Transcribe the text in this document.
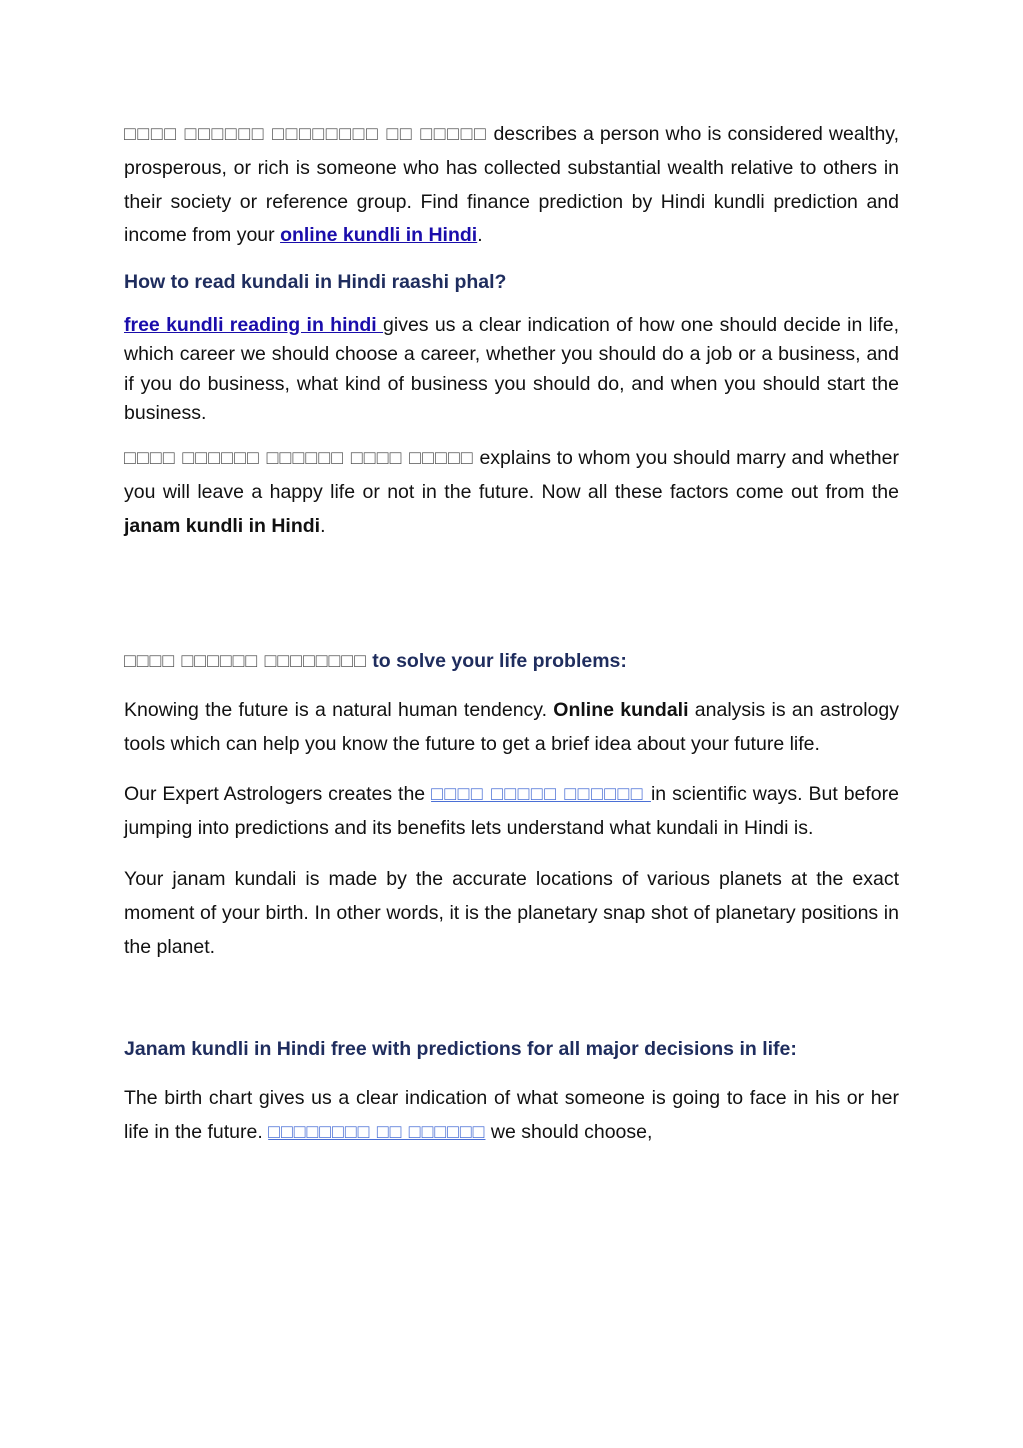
□□□□ □□□□□□ □□□□□□□□ □□ □□□□□ describes a person who is considered wealthy, prosperous, or rich is someone who has collected substantial wealth relative to others in their society or reference group. Find finance prediction by Hindi kundli prediction and income from your online kundli in Hindi.

How to read kundali in Hindi raashi phal?

free kundli reading in hindi gives us a clear indication of how one should decide in life, which career we should choose a career, whether you should do a job or a business, and if you do business, what kind of business you should do, and when you should start the business.

□□□□ □□□□□□ □□□□□□ □□□□ □□□□□ explains to whom you should marry and whether you will leave a happy life or not in the future. Now all these factors come out from the janam kundli in Hindi.

□□□□ □□□□□□ □□□□□□□□ to solve your life problems:

Knowing the future is a natural human tendency. Online kundali analysis is an astrology tools which can help you know the future to get a brief idea about your future life.

Our Expert Astrologers creates the □□□□ □□□□□ □□□□□□ in scientific ways. But before jumping into predictions and its benefits lets understand what kundali in Hindi is.

Your janam kundali is made by the accurate locations of various planets at the exact moment of your birth. In other words, it is the planetary snap shot of planetary positions in the planet.

Janam kundli in Hindi free with predictions for all major decisions in life:

The birth chart gives us a clear indication of what someone is going to face in his or her life in the future. □□□□□□□□ □□ □□□□□□ we should choose,
